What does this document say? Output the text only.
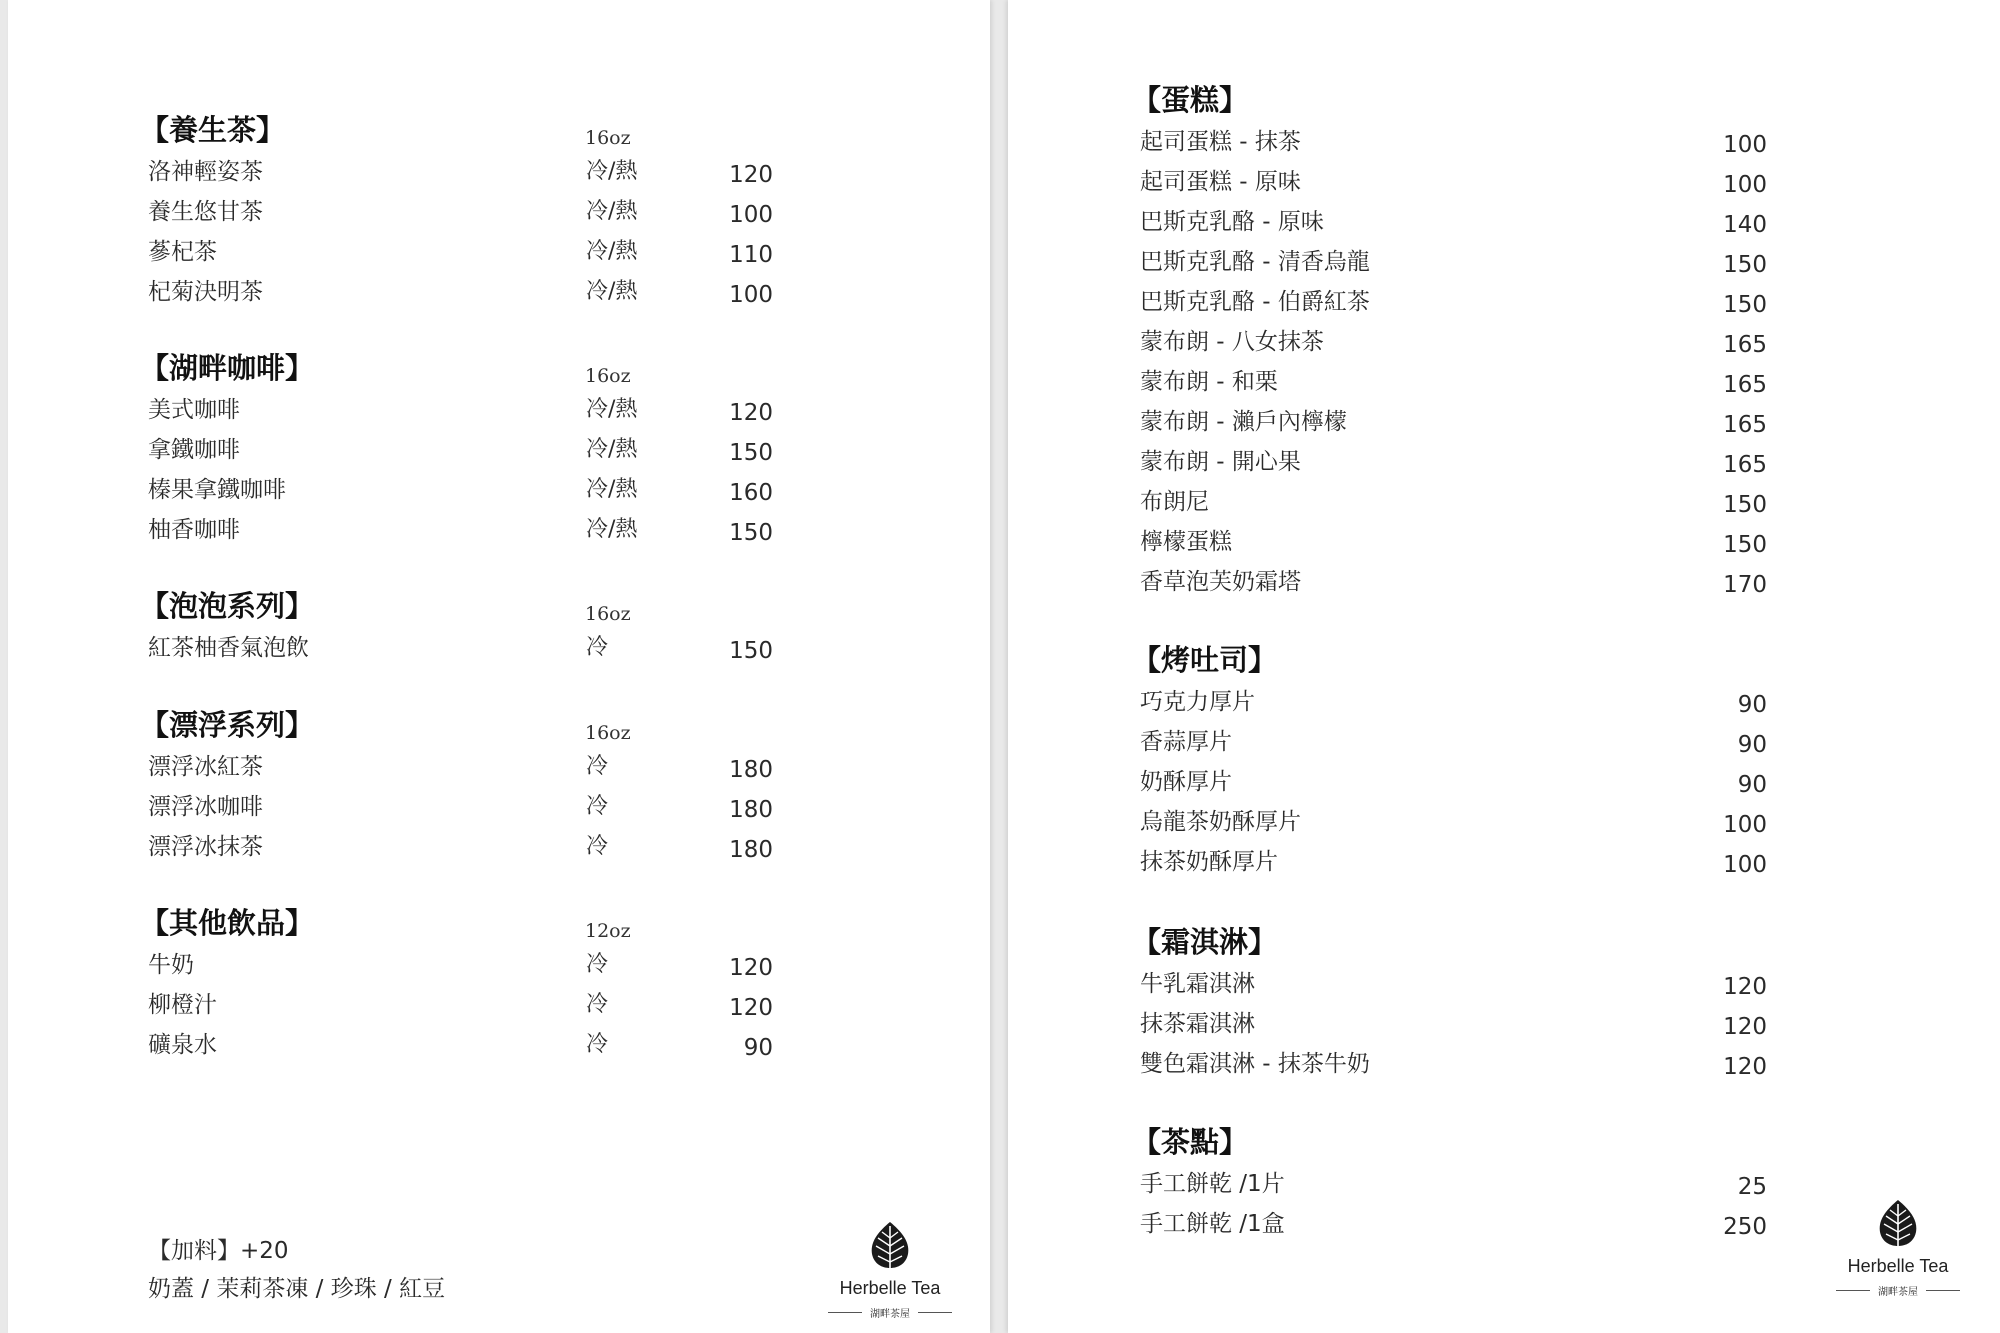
【養生茶】	16oz
洛神輕姿茶	冷/熱	120
養生悠甘茶	冷/熱	100
蔘杞茶	冷/熱	110
杞菊決明茶	冷/熱	100
【湖畔咖啡】	16oz
美式咖啡	冷/熱	120
拿鐵咖啡	冷/熱	150
榛果拿鐵咖啡	冷/熱	160
柚香咖啡	冷/熱	150
【泡泡系列】	16oz
紅茶柚香氣泡飲	冷	150
【漂浮系列】	16oz
漂浮冰紅茶	冷	180
漂浮冰咖啡	冷	180
漂浮冰抹茶	冷	180
【其他飲品】	12oz
牛奶	冷	120
柳橙汁	冷	120
礦泉水	冷	90
【加料】+20
奶蓋 / 茉莉茶凍 / 珍珠 / 紅豆	Herbelle Tea
湖畔茶屋
【蛋糕】
起司蛋糕 - 抹茶	100
起司蛋糕 - 原味	100
巴斯克乳酪 - 原味	140
巴斯克乳酪 - 清香烏龍	150
巴斯克乳酪 - 伯爵紅茶	150
蒙布朗 - 八女抹茶	165
蒙布朗 - 和栗	165
蒙布朗 - 瀨戶內檸檬	165
蒙布朗 - 開心果	165
布朗尼	150
檸檬蛋糕	150
香草泡芙奶霜塔	170
【烤吐司】
巧克力厚片	90
香蒜厚片	90
奶酥厚片	90
烏龍茶奶酥厚片	100
抹茶奶酥厚片	100
【霜淇淋】
牛乳霜淇淋	120
抹茶霜淇淋	120
雙色霜淇淋 - 抹茶牛奶	120
【茶點】
手工餅乾 /1片	25
手工餅乾 /1盒	250
Herbelle Tea
湖畔茶屋
